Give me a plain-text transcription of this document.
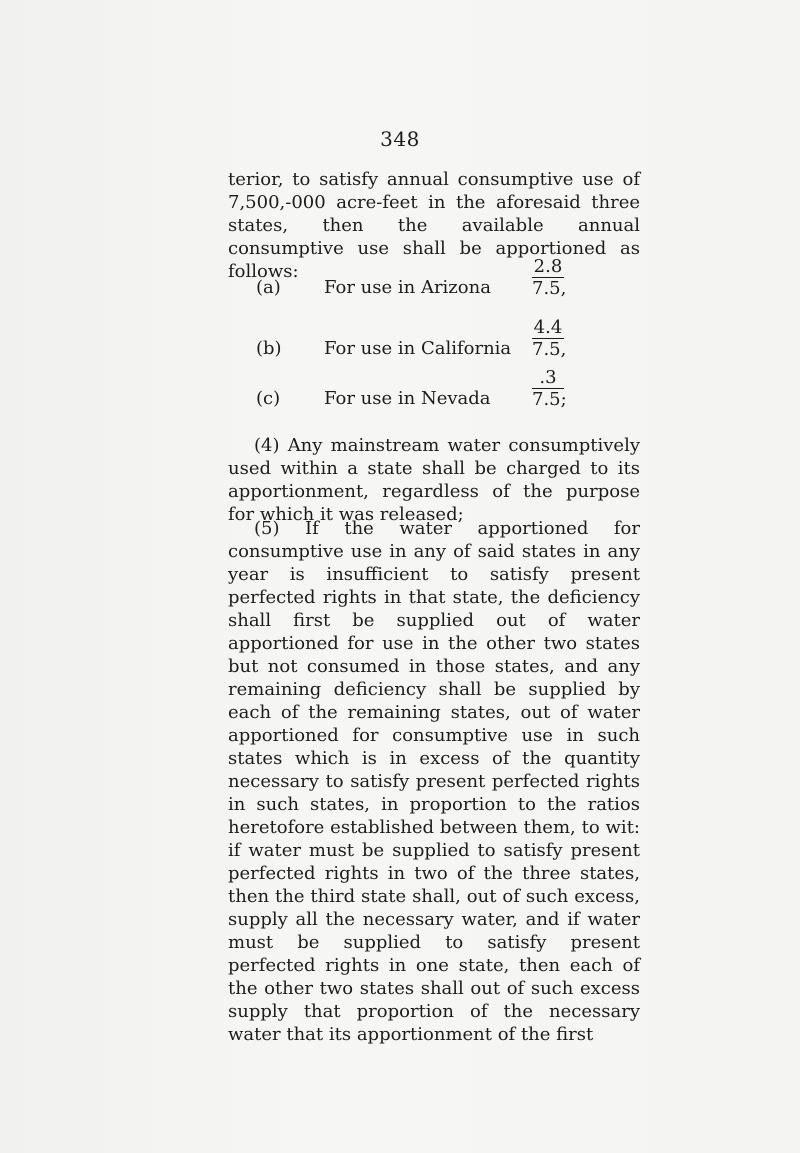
348

terior, to satisfy annual consumptive use of 7,500,-000 acre-feet in the aforesaid three states, then the available annual consumptive use shall be apportioned as follows:

(a) For use in Arizona $\frac{2.8}{7.5,}$
(b) For use in California $\frac{4.4}{7.5,}$
(c) For use in Nevada $\frac{.3}{7.5;}$

(4) Any mainstream water consumptively used within a state shall be charged to its apportionment, regardless of the purpose for which it was released;

(5) If the water apportioned for consumptive use in any of said states in any year is insufficient to satisfy present perfected rights in that state, the deficiency shall first be supplied out of water apportioned for use in the other two states but not consumed in those states, and any remaining deficiency shall be supplied by each of the remaining states, out of water apportioned for consumptive use in such states which is in excess of the quantity necessary to satisfy present perfected rights in such states, in proportion to the ratios heretofore established between them, to wit: if water must be supplied to satisfy present perfected rights in two of the three states, then the third state shall, out of such excess, supply all the necessary water, and if water must be supplied to satisfy present perfected rights in one state, then each of the other two states shall out of such excess supply that proportion of the necessary water that its apportionment of the first
